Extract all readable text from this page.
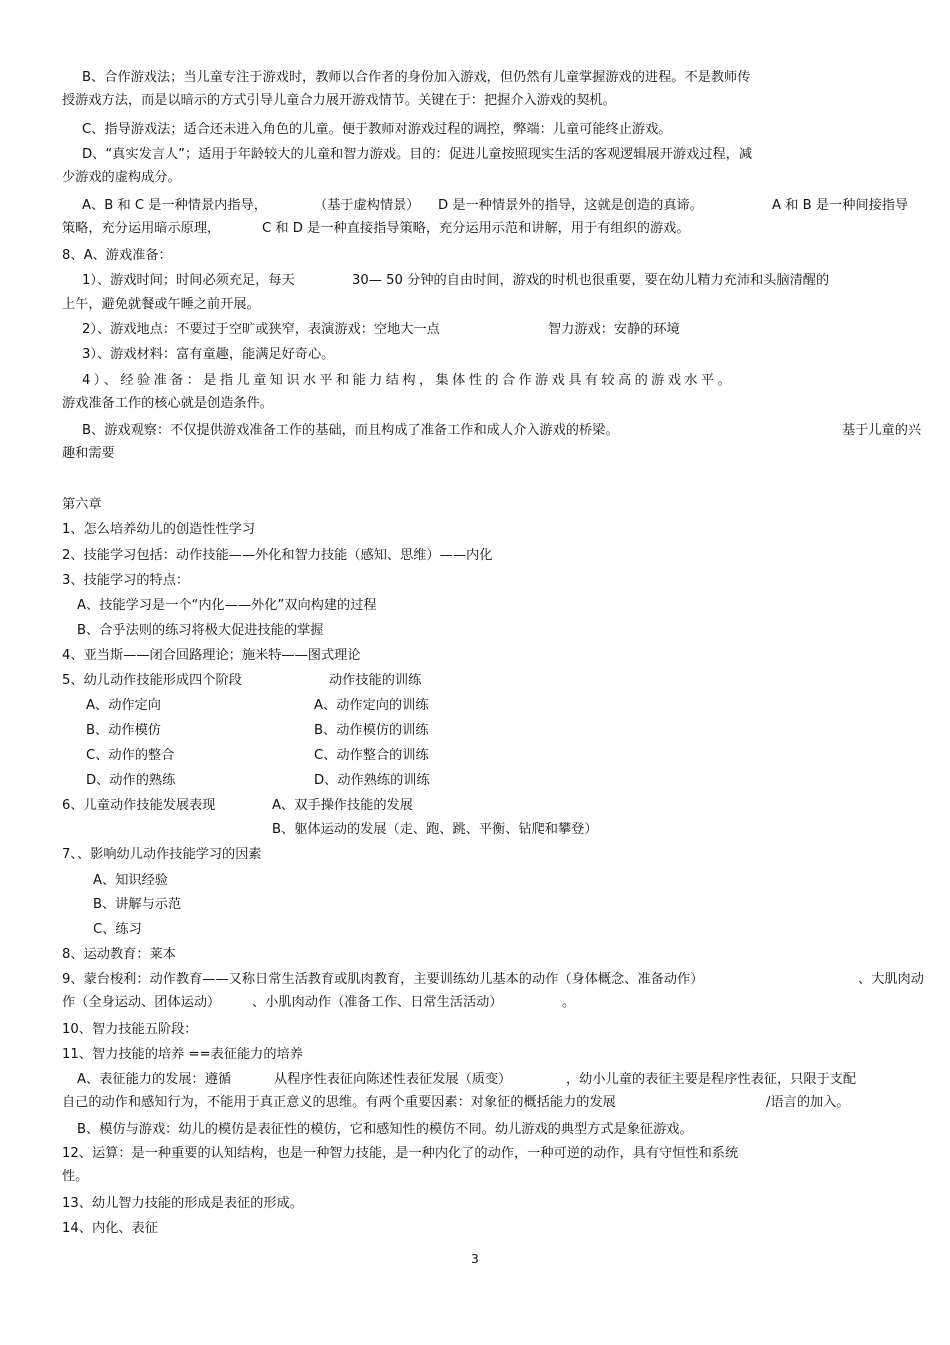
B、合作游戏法；当儿童专注于游戏时，教师以合作者的身份加入游戏，但仍然有儿童掌握游戏的进程。不是教师传

授游戏方法，而是以暗示的方式引导儿童合力展开游戏情节。关键在于：把握介入游戏的契机。

C、指导游戏法；适合还未进入角色的儿童。便于教师对游戏过程的调控，弊端：儿童可能终止游戏。

D、“真实发言人”；适用于年龄较大的儿童和智力游戏。目的：促进儿童按照现实生活的客观逻辑展开游戏过程，减

少游戏的虚构成分。

A、B 和 C 是一种情景内指导，	（基于虚构情景） D 是一种情景外的指导，这就是创造的真谛。	A 和 B 是一种间接指导

策略，充分运用暗示原理，	C 和 D 是一种直接指导策略，充分运用示范和讲解，用于有组织的游戏。

8、A、游戏准备：

1）、游戏时间；时间必须充足，每天	30— 50 分钟的自由时间，游戏的时机也很重要，要在幼儿精力充沛和头脑清醒的

上午，避免就餐或午睡之前开展。

2）、游戏地点：不要过于空旷或狭窄，表演游戏：空地大一点	智力游戏：安静的环境

3）、游戏材料：富有童趣，能满足好奇心。

4）、经验准备：是指儿童知识水平和能力结构，集体性的合作游戏具有较高的游戏水平。

游戏准备工作的核心就是创造条件。

B、游戏观察：不仅提供游戏准备工作的基础，而且构成了准备工作和成人介入游戏的桥梁。	基于儿童的兴

趣和需要

第六章

1、怎么培养幼儿的创造性性学习

2、技能学习包括：动作技能——外化和智力技能（感知、思维）——内化

3、技能学习的特点：

A、技能学习是一个“内化——外化”双向构建的过程

B、合乎法则的练习将极大促进技能的掌握

4、亚当斯——闭合回路理论；施米特——图式理论

5、幼儿动作技能形成四个阶段	动作技能的训练

A、动作定向	A、动作定向的训练

B、动作模仿	B、动作模仿的训练

C、动作的整合	C、动作整合的训练

D、动作的熟练	D、动作熟练的训练

6、儿童动作技能发展表现	A、双手操作技能的发展

B、躯体运动的发展（走、跑、跳、平衡、钻爬和攀登）

7、、影响幼儿动作技能学习的因素

A、知识经验

B、讲解与示范

C、练习

8、运动教育：莱本

9、蒙台梭利：动作教育——又称日常生活教育或肌肉教育，主要训练幼儿基本的动作（身体概念、准备动作）	、大肌肉动

作（全身运动、团体运动） 、小肌肉动作（准备工作、日常生活活动）	。

10、智力技能五阶段：

11、智力技能的培养 ==表征能力的培养

A、表征能力的发展：遵循	从程序性表征向陈述性表征发展（质变）	，幼小儿童的表征主要是程序性表征，只限于支配

自己的动作和感知行为，不能用于真正意义的思维。有两个重要因素：对象征的概括能力的发展	/语言的加入。

B、模仿与游戏：幼儿的模仿是表征性的模仿，它和感知性的模仿不同。幼儿游戏的典型方式是象征游戏。

12、运算：是一种重要的认知结构，也是一种智力技能，是一种内化了的动作，一种可逆的动作，具有守恒性和系统

性。

13、幼儿智力技能的形成是表征的形成。

14、内化、表征

3
